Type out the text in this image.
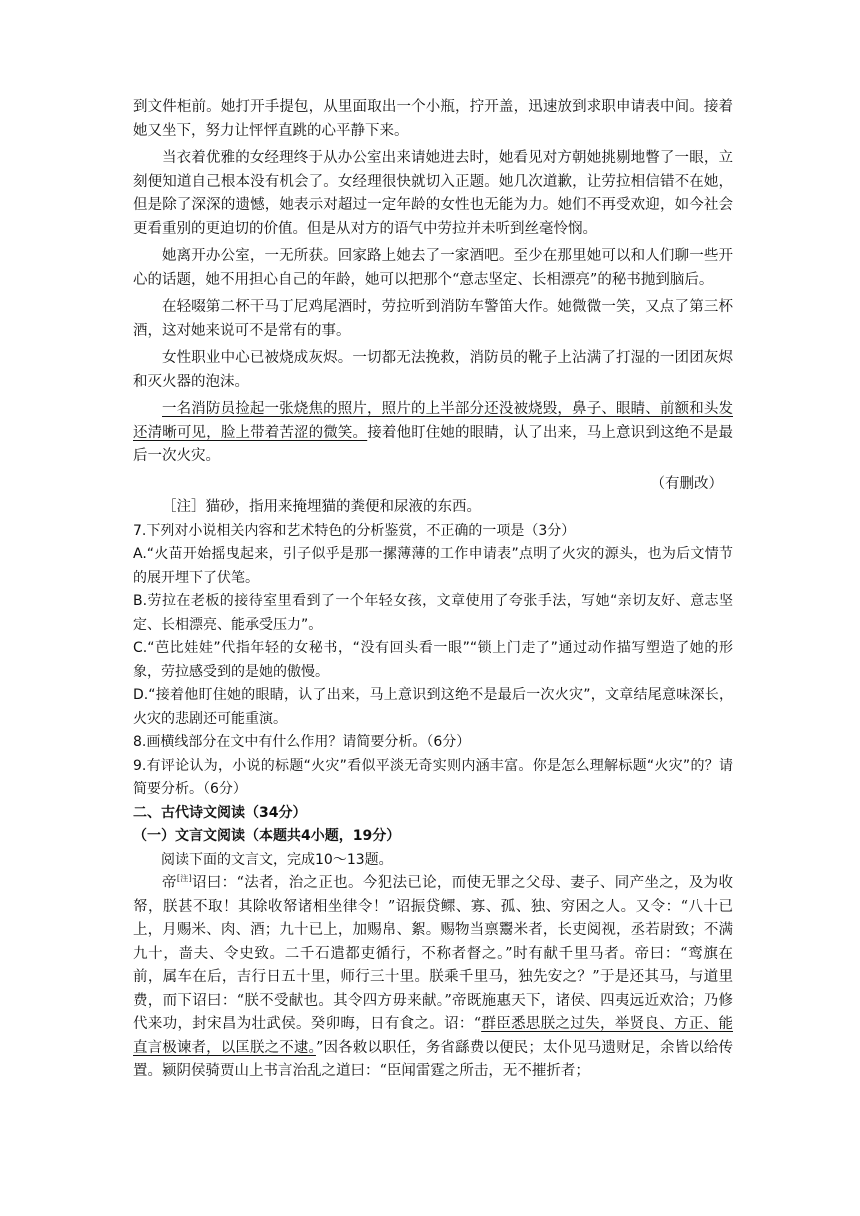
到文件柜前。她打开手提包，从里面取出一个小瓶，拧开盖，迅速放到求职申请表中间。接着她又坐下，努力让怦怦直跳的心平静下来。

当衣着优雅的女经理终于从办公室出来请她进去时，她看见对方朝她挑剔地瞥了一眼，立刻便知道自己根本没有机会了。女经理很快就切入正题。她几次道歉，让劳拉相信错不在她，但是除了深深的遗憾，她表示对超过一定年龄的女性也无能为力。她们不再受欢迎，如今社会更看重别的更迫切的价值。但是从对方的语气中劳拉并未听到丝毫怜悯。

她离开办公室，一无所获。回家路上她去了一家酒吧。至少在那里她可以和人们聊一些开心的话题，她不用担心自己的年龄，她可以把那个“意志坚定、长相漂亮”的秘书抛到脑后。

在轻啜第二杯干马丁尼鸡尾酒时，劳拉听到消防车警笛大作。她微微一笑，又点了第三杯酒，这对她来说可不是常有的事。

女性职业中心已被烧成灰烬。一切都无法挽救，消防员的靴子上沾满了打湿的一团团灰烬和灭火器的泡沫。

一名消防员捡起一张烧焦的照片，照片的上半部分还没被烧毁，鼻子、眼睛、前额和头发还清晰可见，脸上带着苦涩的微笑。接着他盯住她的眼睛，认了出来，马上意识到这绝不是最后一次火灾。

（有删改）

［注］猫砂，指用来掩埋猫的粪便和尿液的东西。

7.下列对小说相关内容和艺术特色的分析鉴赏，不正确的一项是（3分）

A.“火苗开始摇曳起来，引子似乎是那一摞薄薄的工作申请表”点明了火灾的源头，也为后文情节的展开埋下了伏笔。

B.劳拉在老板的接待室里看到了一个年轻女孩，文章使用了夸张手法，写她“亲切友好、意志坚定、长相漂亮、能承受压力”。

C.“芭比娃娃”代指年轻的女秘书，“没有回头看一眼”“锁上门走了”通过动作描写塑造了她的形象，劳拉感受到的是她的傲慢。

D.“接着他盯住她的眼睛，认了出来，马上意识到这绝不是最后一次火灾”，文章结尾意味深长，火灾的悲剧还可能重演。

8.画横线部分在文中有什么作用？请简要分析。（6分）

9.有评论认为，小说的标题“火灾”看似平淡无奇实则内涵丰富。你是怎么理解标题“火灾”的？请简要分析。（6分）

二、古代诗文阅读（34分）

（一）文言文阅读（本题共4小题，19分）

阅读下面的文言文，完成10～13题。

帝[注]诏曰：“法者，治之正也。今犯法已论，而使无罪之父母、妻子、同产坐之，及为收帑，朕甚不取！其除收帑诸相坐律令！”诏振贷鳏、寡、孤、独、穷困之人。又令：“八十已上，月赐米、肉、酒；九十已上，加赐帛、絮。赐物当禀鬻米者，长吏阅视，丞若尉致；不满九十，啬夫、令史致。二千石遣都吏循行，不称者督之。”时有献千里马者。帝曰：“鸾旗在前，属车在后，吉行日五十里，师行三十里。朕乘千里马，独先安之？”于是还其马，与道里费，而下诏曰：“朕不受献也。其令四方毋来献。”帝既施惠天下，诸侯、四夷远近欢洽；乃修代来功，封宋昌为壮武侯。癸卯晦，日有食之。诏：“群臣悉思朕之过失，举贤良、方正、能直言极谏者，以匡朕之不逮。”因各敕以职任，务省繇费以便民；太仆见马遗财足，余皆以给传置。颍阴侯骑贾山上书言治乱之道曰：“臣闻雷霆之所击，无不摧折者；
